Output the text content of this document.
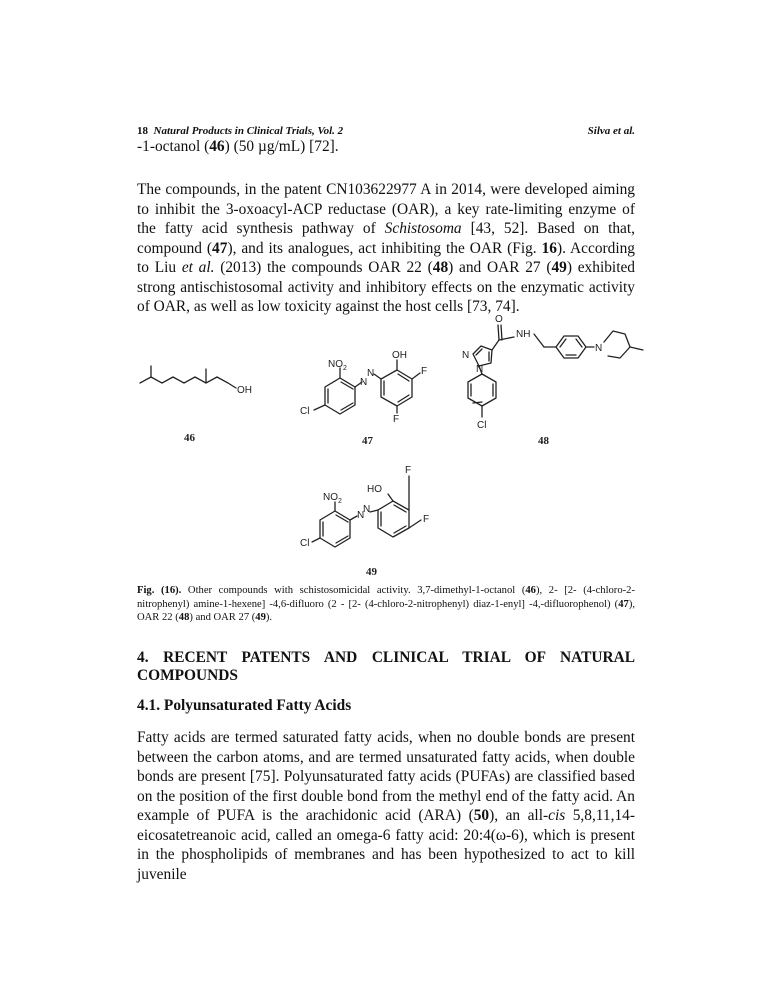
18 Natural Products in Clinical Trials, Vol. 2	Silva et al.

-1-octanol (46) (50 µg/mL) [72].

The compounds, in the patent CN103622977 A in 2014, were developed aiming to inhibit the 3-oxoacyl-ACP reductase (OAR), a key rate-limiting enzyme of the fatty acid synthesis pathway of Schistosoma [43, 52]. Based on that, compound (47), and its analogues, act inhibiting the OAR (Fig. 16). According to Liu et al. (2013) the compounds OAR 22 (48) and OAR 27 (49) exhibited strong antischistosomal activity and inhibitory effects on the enzymatic activity of OAR, as well as low toxicity against the host cells [73, 74].

OH
$NO_2$
OH
F
F
Cl
N
N
O
NH
N
N
N
Cl
$NO_2$
HO
F
F
Cl
N
N
46	47	48
49

Fig. (16). Other compounds with schistosomicidal activity. 3,7-dimethyl-1-octanol (46), 2- [2- (4-chloro-2-nitrophenyl) amine-1-hexene] -4,6-difluoro (2 - [2- (4-chloro-2-nitrophenyl) diaz-1-enyl] -4,-difluorophenol) (47), OAR 22 (48) and OAR 27 (49).

4. RECENT PATENTS AND CLINICAL TRIAL OF NATURAL COMPOUNDS
4.1. Polyunsaturated Fatty Acids

Fatty acids are termed saturated fatty acids, when no double bonds are present between the carbon atoms, and are termed unsaturated fatty acids, when double bonds are present [75]. Polyunsaturated fatty acids (PUFAs) are classified based on the position of the first double bond from the methyl end of the fatty acid. An example of PUFA is the arachidonic acid (ARA) (50), an all-cis 5,8,11,14-eicosatetreanoic acid, called an omega-6 fatty acid: 20:4(ω-6), which is present in the phospholipids of membranes and has been hypothesized to act to kill juvenile
